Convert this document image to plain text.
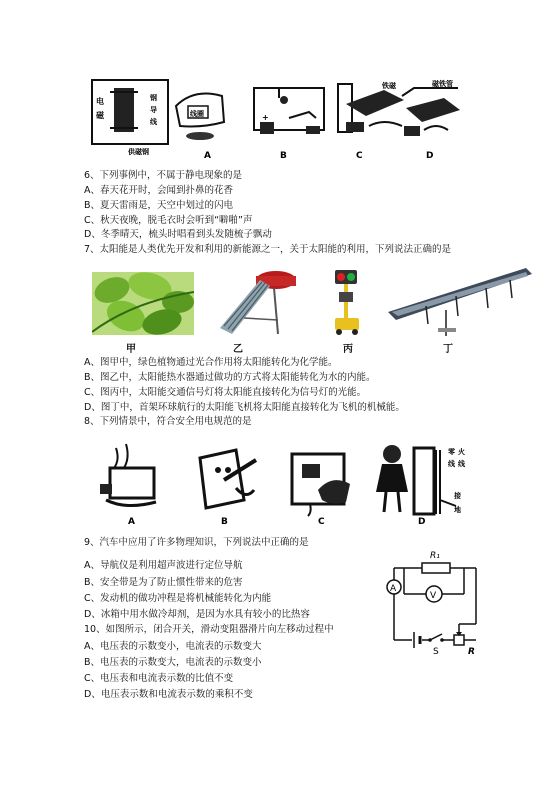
电
磁
钢
导
线
供磁钢
线圈
A
+
B
铁磁
C
磁铁管
D
6、下列事例中，不属于静电现象的是
A、春天花开时，会闻到扑鼻的花香
B、夏天雷雨是，天空中划过的闪电
C、秋天夜晚，脱毛衣时会听到“噼啪”声
D、冬季晴天，梳头时唱看到头发随梳子飘动
7、太阳能是人类优先开发和利用的新能源之一，关于太阳能的利用，下列说法正确的是
甲	乙	丙	丁
A、图甲中，绿色植物通过光合作用将太阳能转化为化学能。
B、图乙中，太阳能热水器通过做功的方式将太阳能转化为水的内能。
C、图丙中，太阳能交通信号灯将太阳能直接转化为信号灯的光能。
D、图丁中，首架环球航行的太阳能飞机将太阳能直接转化为飞机的机械能。
8、下列情景中，符合安全用电规范的是
A	B	C
零 火
线 线
接
地
D
9、汽车中应用了许多物理知识，下列说法中正确的是
A、导航仪是利用超声波进行定位导航
B、安全带是为了防止惯性带来的危害
C、发动机的做功冲程是将机械能转化为内能
D、冰箱中用水做冷却剂，是因为水具有较小的比热容
10、如图所示，闭合开关，滑动变阻器滑片向左移动过程中
A、电压表的示数变小，电流表的示数变大
B、电压表的示数变大，电流表的示数变小
C、电压表和电流表示数的比值不变
D、电压表示数和电流表示数的乘积不变
R₁
V
A
S	R
